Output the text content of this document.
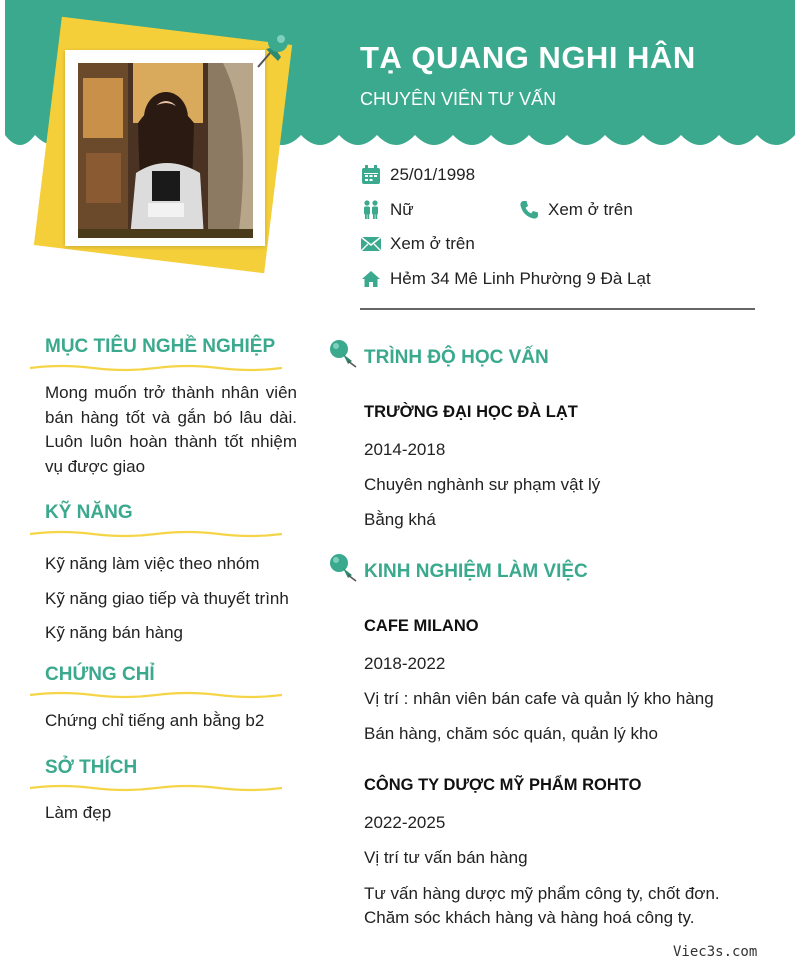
TẠ QUANG NGHI HÂN
CHUYÊN VIÊN TƯ VẤN
25/01/1998
Nữ	Xem ở trên
Xem ở trên
Hẻm 34 Mê Linh Phường 9 Đà Lạt
MỤC TIÊU NGHỀ NGHIỆP
Mong muốn trở thành nhân viên bán hàng tốt và gắn bó lâu dài. Luôn luôn hoàn thành tốt nhiệm vụ được giao
KỸ NĂNG
Kỹ năng làm việc theo nhóm
Kỹ năng giao tiếp và thuyết trình
Kỹ năng bán hàng
CHỨNG CHỈ
Chứng chỉ tiếng anh bằng b2
SỞ THÍCH
Làm đẹp
TRÌNH ĐỘ HỌC VẤN
TRƯỜNG ĐẠI HỌC ĐÀ LẠT
2014-2018
Chuyên nghành sư phạm vật lý
Bằng khá
KINH NGHIỆM LÀM VIỆC
CAFE MILANO
2018-2022
Vị trí : nhân viên bán cafe và quản lý kho hàng
Bán hàng, chăm sóc quán, quản lý kho
CÔNG TY DƯỢC MỸ PHẨM ROHTO
2022-2025
Vị trí tư vấn bán hàng
Tư vấn hàng dược mỹ phẩm công ty, chốt đơn.
Chăm sóc khách hàng và hàng hoá công ty.
Viec3s.com
